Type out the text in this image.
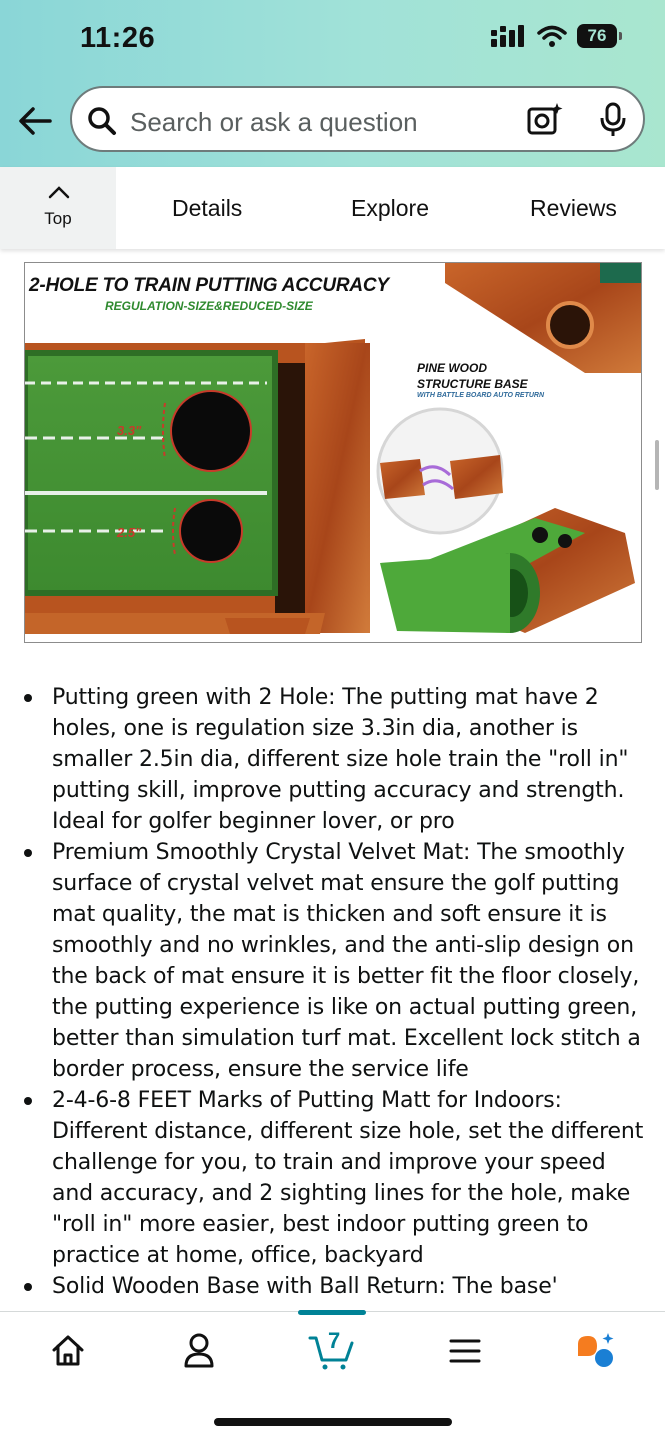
11:26	76
Search or ask a question
Top	Details	Explore	Reviews
2-HOLE TO TRAIN PUTTING ACCURACY
REGULATION-SIZE&REDUCED-SIZE
3.3"
2.5"
PINE WOOD
STRUCTURE BASE
WITH BATTLE BOARD AUTO RETURN
Putting green with 2 Hole: The putting mat have 2 holes, one is regulation size 3.3in dia, another is smaller 2.5in dia, different size hole train the "roll in" putting skill, improve putting accuracy and strength. Ideal for golfer beginner lover, or pro
Premium Smoothly Crystal Velvet Mat: The smoothly surface of crystal velvet mat ensure the golf putting mat quality, the mat is thicken and soft ensure it is smoothly and no wrinkles, and the anti-slip design on the back of mat ensure it is better fit the floor closely, the putting experience is like on actual putting green, better than simulation turf mat. Excellent lock stitch a border process, ensure the service life
2-4-6-8 FEET Marks of Putting Matt for Indoors: Different distance, different size hole, set the different challenge for you, to train and improve your speed and accuracy, and 2 sighting lines for the hole, make "roll in" more easier, best indoor putting green to practice at home, office, backyard
Solid Wooden Base with Ball Return: The base'
7
